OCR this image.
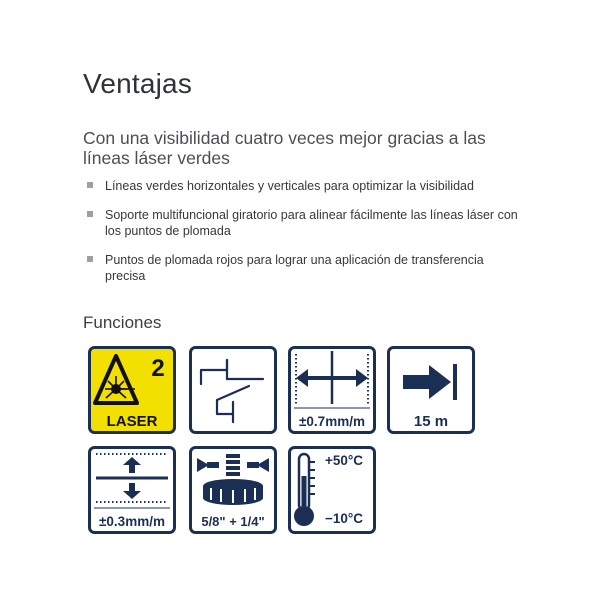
Ventajas
Con una visibilidad cuatro veces mejor gracias a las líneas láser verdes
Líneas verdes horizontales y verticales para optimizar la visibilidad
Soporte multifuncional giratorio para alinear fácilmente las líneas láser con los puntos de plomada
Puntos de plomada rojos para lograr una aplicación de transferencia precisa
Funciones
2
LASER	±0.7mm/m	15 m
±0.3mm/m	5/8" + 1/4"
+50°C
−10°C
